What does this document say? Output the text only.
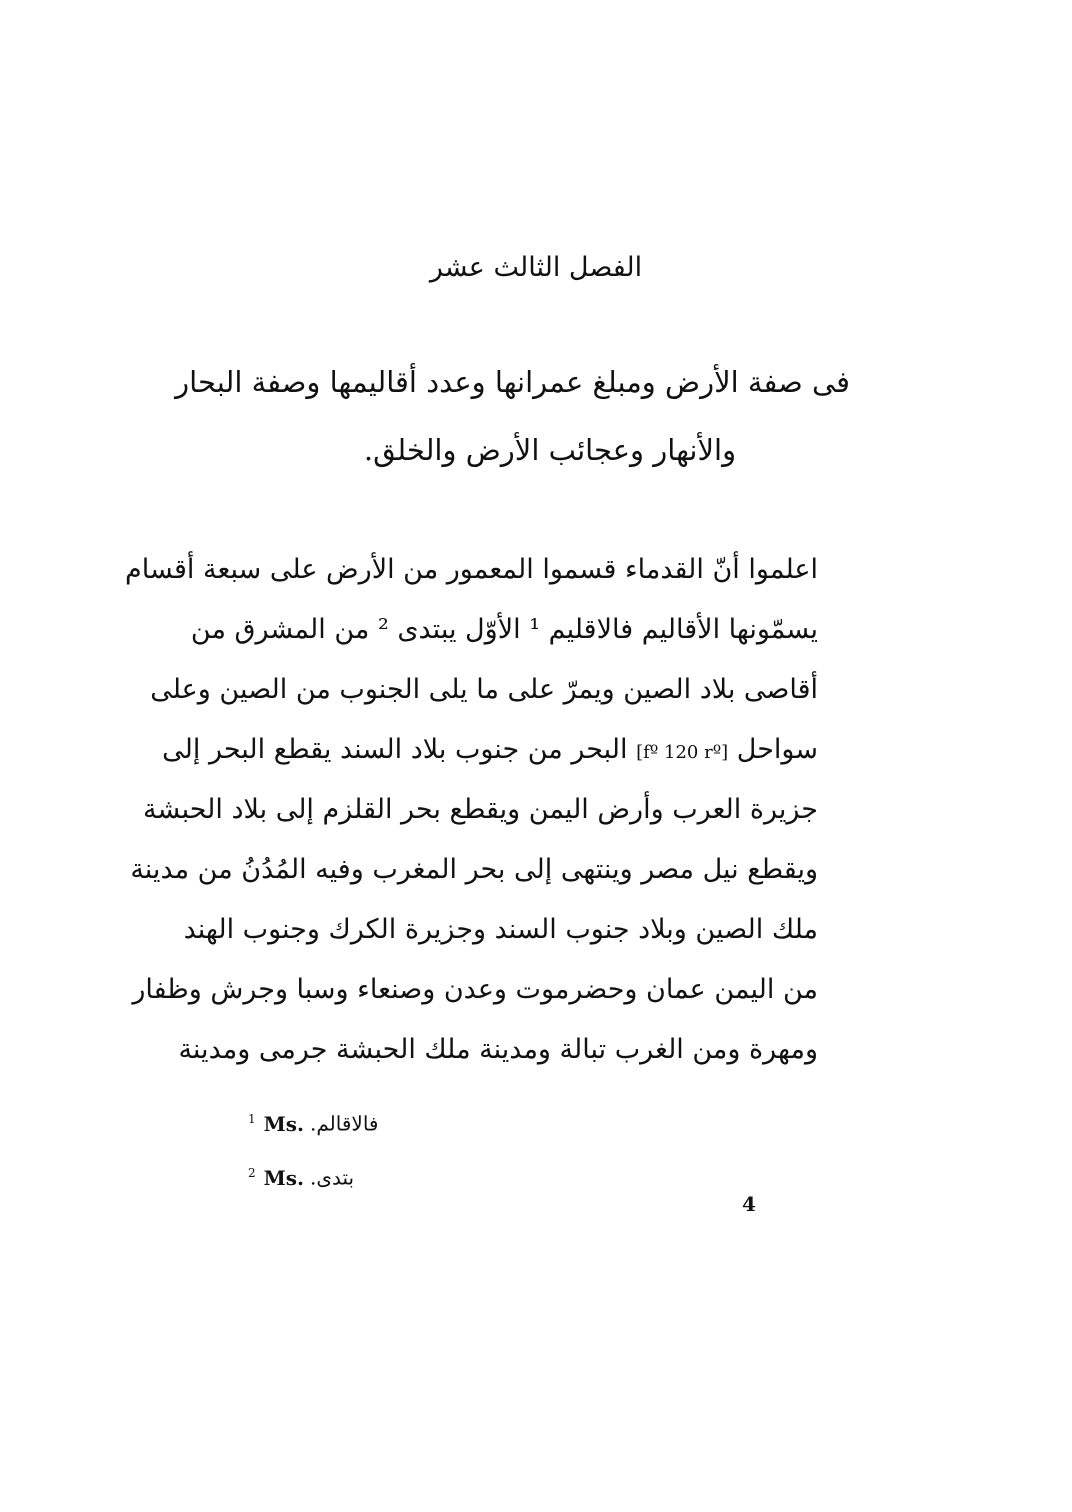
الفصل الثالث عشر
فى صفة الأرض ومبلغ عمرانها وعدد أقاليمها وصفة البحار
والأنهار وعجائب الأرض والخلق.
اعلموا أنّ القدماء قسموا المعمور من الأرض على سبعة أقسام
يسمّونها الأقاليم فالاقليم ¹ الأوّل يبتدى ² من المشرق من
أقاصى بلاد الصين ويمرّ على ما يلى الجنوب من الصين وعلى
سواحل [fº 120 rº] البحر من جنوب بلاد السند يقطع البحر إلى
جزيرة العرب وأرض اليمن ويقطع بحر القلزم إلى بلاد الحبشة
ويقطع نيل مصر وينتهى إلى بحر المغرب وفيه المُدُنُ من مدينة
ملك الصين وبلاد جنوب السند وجزيرة الكرك وجنوب الهند
من اليمن عمان وحضرموت وعدن وصنعاء وسبا وجرش وظفار
ومهرة ومن الغرب تبالة ومدينة ملك الحبشة جرمى ومدينة
$^1$ Ms. فالاقالم.
$^2$ Ms. بتدى.
4
